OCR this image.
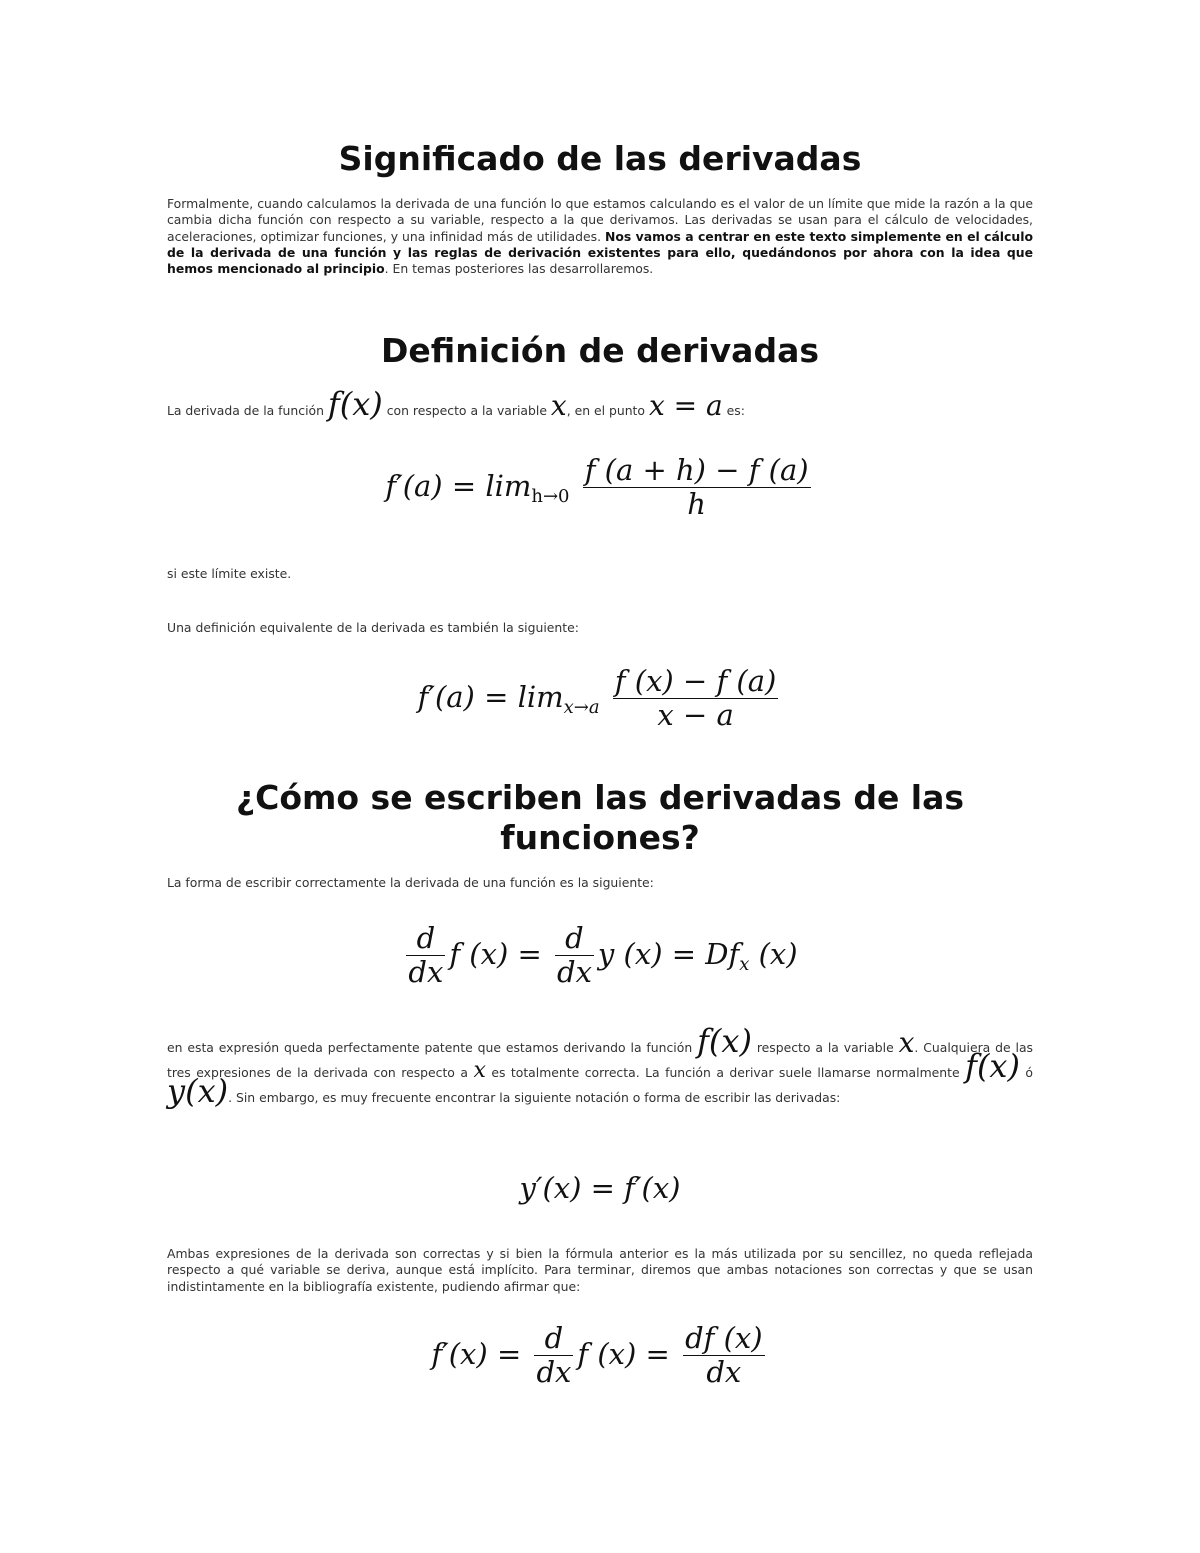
Significado de las derivadas

Formalmente, cuando calculamos la derivada de una función lo que estamos calculando es el valor de un límite que mide la razón a la que cambia dicha función con respecto a su variable, respecto a la que derivamos. Las derivadas se usan para el cálculo de velocidades, aceleraciones, optimizar funciones, y una infinidad más de utilidades. Nos vamos a centrar en este texto simplemente en el cálculo de la derivada de una función y las reglas de derivación existentes para ello, quedándonos por ahora con la idea que hemos mencionado al principio. En temas posteriores las desarrollaremos.

Definición de derivadas

La derivada de la función f(x) con respecto a la variable x, en el punto x = a es:

$f'(a) = \lim_{h\to 0} \frac{f (a + h) - f (a)}{h}$

si este límite existe.

Una definición equivalente de la derivada es también la siguiente:

$f'(a) = \lim_{x\to a} \frac{f (x) - f (a)}{x - a}$
¿Cómo se escriben las derivadas de las funciones?

La forma de escribir correctamente la derivada de una función es la siguiente:

$\frac{d}{dx}$ f $(x) = \frac{d}{dx}$ y $(x) = Df_x$ (x)

en esta expresión queda perfectamente patente que estamos derivando la función f(x) respecto a la variable x. Cualquiera de las tres expresiones de la derivada con respecto a x es totalmente correcta. La función a derivar suele llamarse normalmente f(x) ó y(x). Sin embargo, es muy frecuente encontrar la siguiente notación o forma de escribir las derivadas:

y′(x) = f′(x)

Ambas expresiones de la derivada son correctas y si bien la fórmula anterior es la más utilizada por su sencillez, no queda reflejada respecto a qué variable se deriva, aunque está implícito. Para terminar, diremos que ambas notaciones son correctas y que se usan indistintamente en la bibliografía existente, pudiendo afirmar que:

$f'(x) = \frac{d}{dx}$ f $(x) = \frac{df (x)}{dx}$
